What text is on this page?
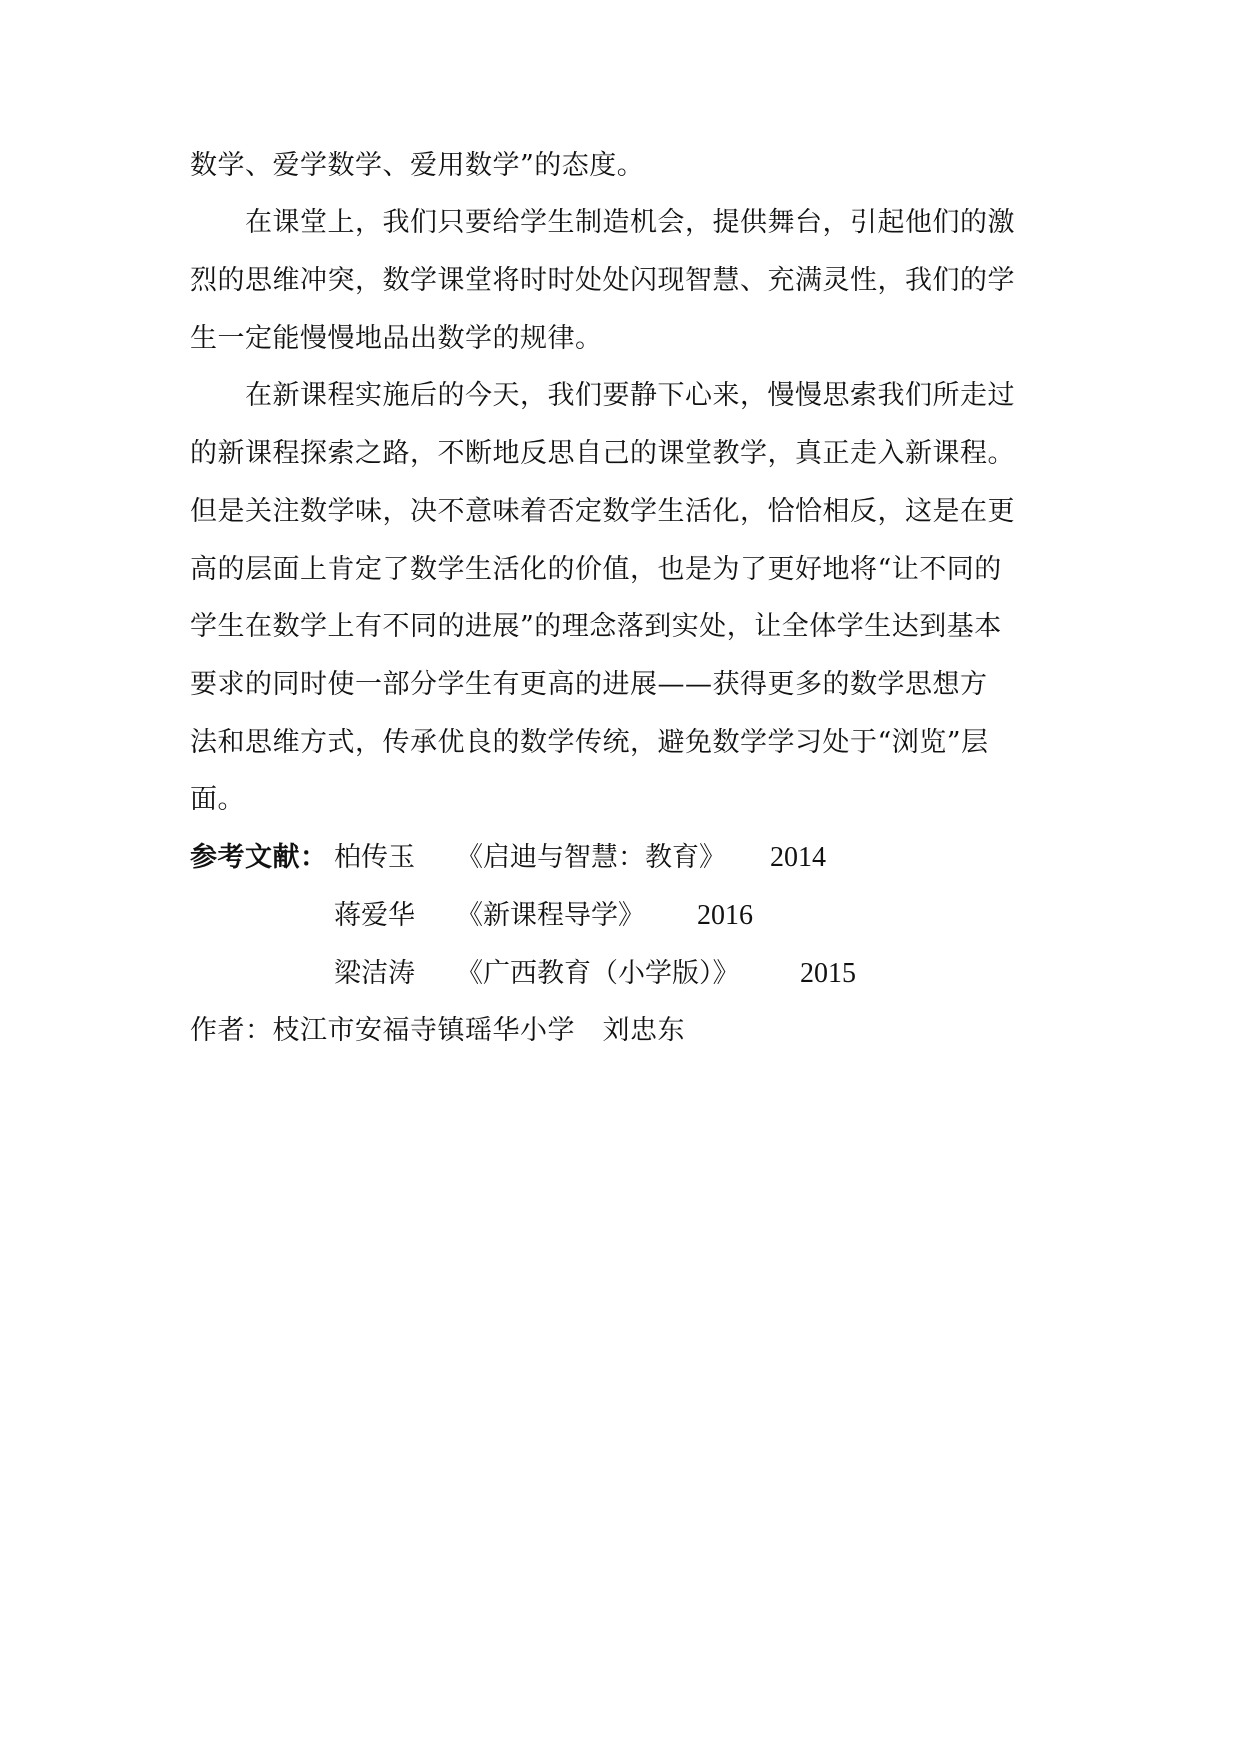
数学、爱学数学、爱用数学”的态度。
在课堂上，我们只要给学生制造机会，提供舞台，引起他们的激
烈的思维冲突，数学课堂将时时处处闪现智慧、充满灵性，我们的学
生一定能慢慢地品出数学的规律。
在新课程实施后的今天，我们要静下心来，慢慢思索我们所走过
的新课程探索之路，不断地反思自己的课堂教学，真正走入新课程。
但是关注数学味，决不意味着否定数学生活化，恰恰相反，这是在更
高的层面上肯定了数学生活化的价值，也是为了更好地将“让不同的
学生在数学上有不同的进展”的理念落到实处，让全体学生达到基本
要求的同时使一部分学生有更高的进展——获得更多的数学思想方
法和思维方式，传承优良的数学传统，避免数学学习处于“浏览”层
面。
参考文献： 柏传玉 《启迪与智慧：教育》 2014
蒋爱华 《新课程导学》 2016
梁洁涛 《广西教育（小学版）》 2015
作者：枝江市安福寺镇瑶华小学　刘忠东
